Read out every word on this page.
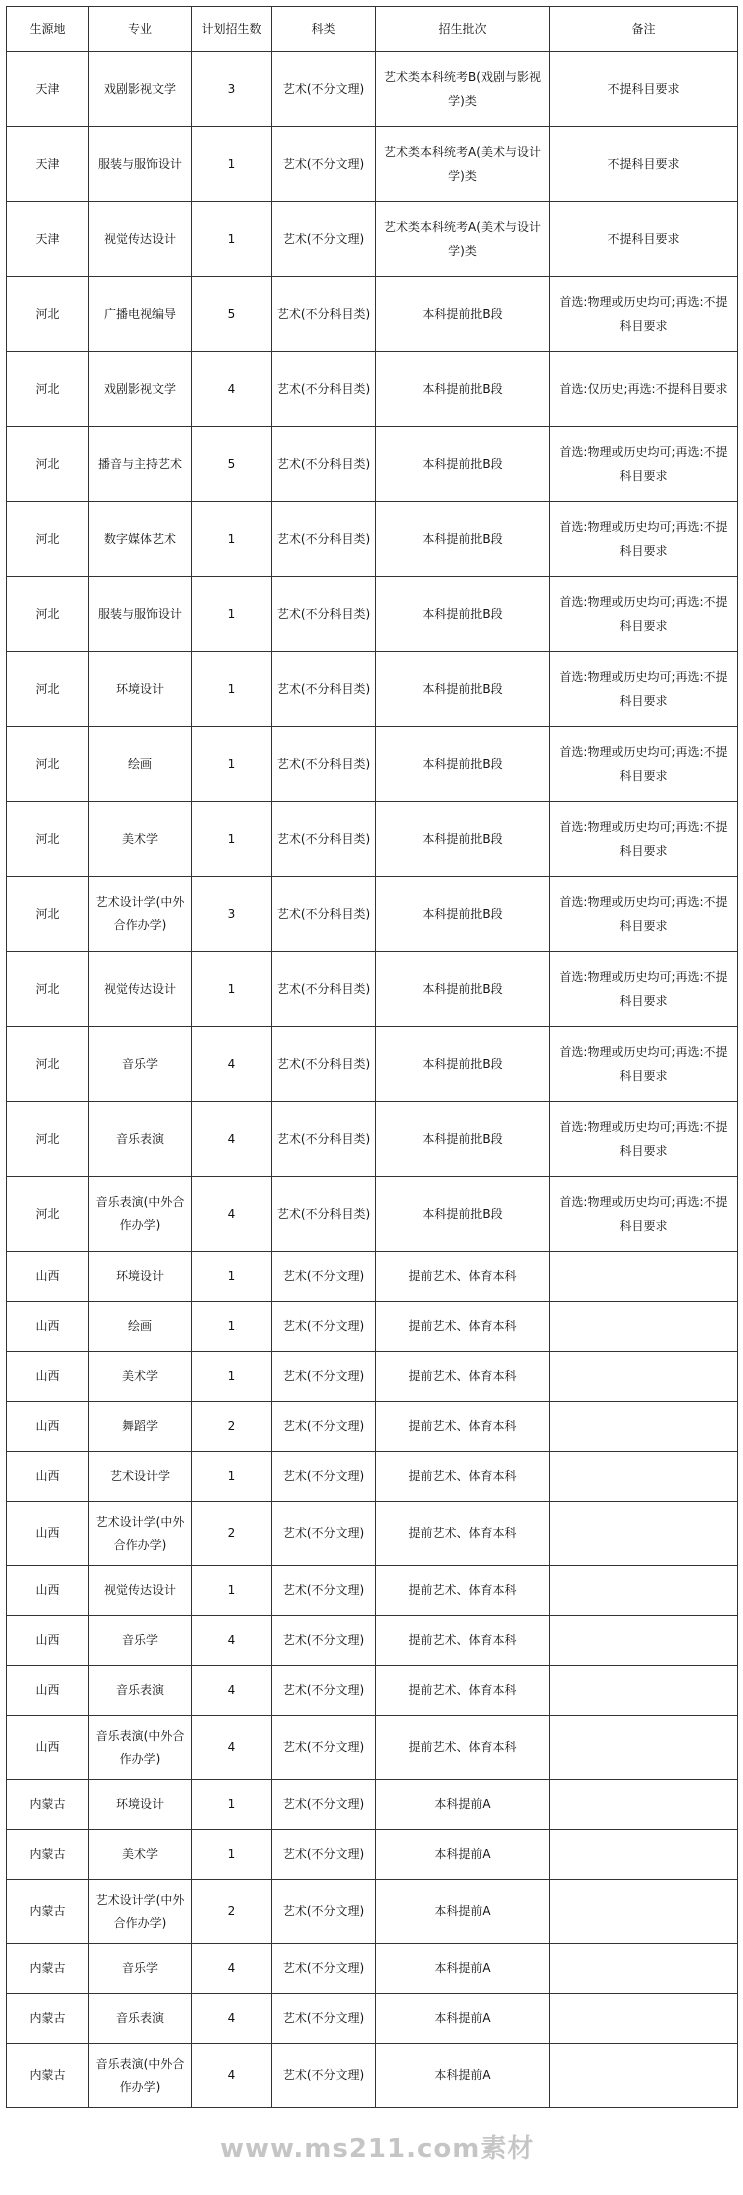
生源地	专业	计划招生数	科类	招生批次	备注
天津	戏剧影视文学	3	艺术(不分文理)	艺术类本科统考B(戏剧与影视学)类	不提科目要求
天津	服装与服饰设计	1	艺术(不分文理)	艺术类本科统考A(美术与设计学)类	不提科目要求
天津	视觉传达设计	1	艺术(不分文理)	艺术类本科统考A(美术与设计学)类	不提科目要求
河北	广播电视编导	5	艺术(不分科目类)	本科提前批B段	首选:物理或历史均可;再选:不提科目要求
河北	戏剧影视文学	4	艺术(不分科目类)	本科提前批B段	首选:仅历史;再选:不提科目要求
河北	播音与主持艺术	5	艺术(不分科目类)	本科提前批B段	首选:物理或历史均可;再选:不提科目要求
河北	数字媒体艺术	1	艺术(不分科目类)	本科提前批B段	首选:物理或历史均可;再选:不提科目要求
河北	服装与服饰设计	1	艺术(不分科目类)	本科提前批B段	首选:物理或历史均可;再选:不提科目要求
河北	环境设计	1	艺术(不分科目类)	本科提前批B段	首选:物理或历史均可;再选:不提科目要求
河北	绘画	1	艺术(不分科目类)	本科提前批B段	首选:物理或历史均可;再选:不提科目要求
河北	美术学	1	艺术(不分科目类)	本科提前批B段	首选:物理或历史均可;再选:不提科目要求
河北	艺术设计学(中外合作办学)	3	艺术(不分科目类)	本科提前批B段	首选:物理或历史均可;再选:不提科目要求
河北	视觉传达设计	1	艺术(不分科目类)	本科提前批B段	首选:物理或历史均可;再选:不提科目要求
河北	音乐学	4	艺术(不分科目类)	本科提前批B段	首选:物理或历史均可;再选:不提科目要求
河北	音乐表演	4	艺术(不分科目类)	本科提前批B段	首选:物理或历史均可;再选:不提科目要求
河北	音乐表演(中外合作办学)	4	艺术(不分科目类)	本科提前批B段	首选:物理或历史均可;再选:不提科目要求
山西	环境设计	1	艺术(不分文理)	提前艺术、体育本科	
山西	绘画	1	艺术(不分文理)	提前艺术、体育本科	
山西	美术学	1	艺术(不分文理)	提前艺术、体育本科	
山西	舞蹈学	2	艺术(不分文理)	提前艺术、体育本科	
山西	艺术设计学	1	艺术(不分文理)	提前艺术、体育本科	
山西	艺术设计学(中外合作办学)	2	艺术(不分文理)	提前艺术、体育本科	
山西	视觉传达设计	1	艺术(不分文理)	提前艺术、体育本科	
山西	音乐学	4	艺术(不分文理)	提前艺术、体育本科	
山西	音乐表演	4	艺术(不分文理)	提前艺术、体育本科	
山西	音乐表演(中外合作办学)	4	艺术(不分文理)	提前艺术、体育本科	
内蒙古	环境设计	1	艺术(不分文理)	本科提前A	
内蒙古	美术学	1	艺术(不分文理)	本科提前A	
内蒙古	艺术设计学(中外合作办学)	2	艺术(不分文理)	本科提前A	
内蒙古	音乐学	4	艺术(不分文理)	本科提前A	
内蒙古	音乐表演	4	艺术(不分文理)	本科提前A	
内蒙古	音乐表演(中外合作办学)	4	艺术(不分文理)	本科提前A	
www.ms211.com素材
